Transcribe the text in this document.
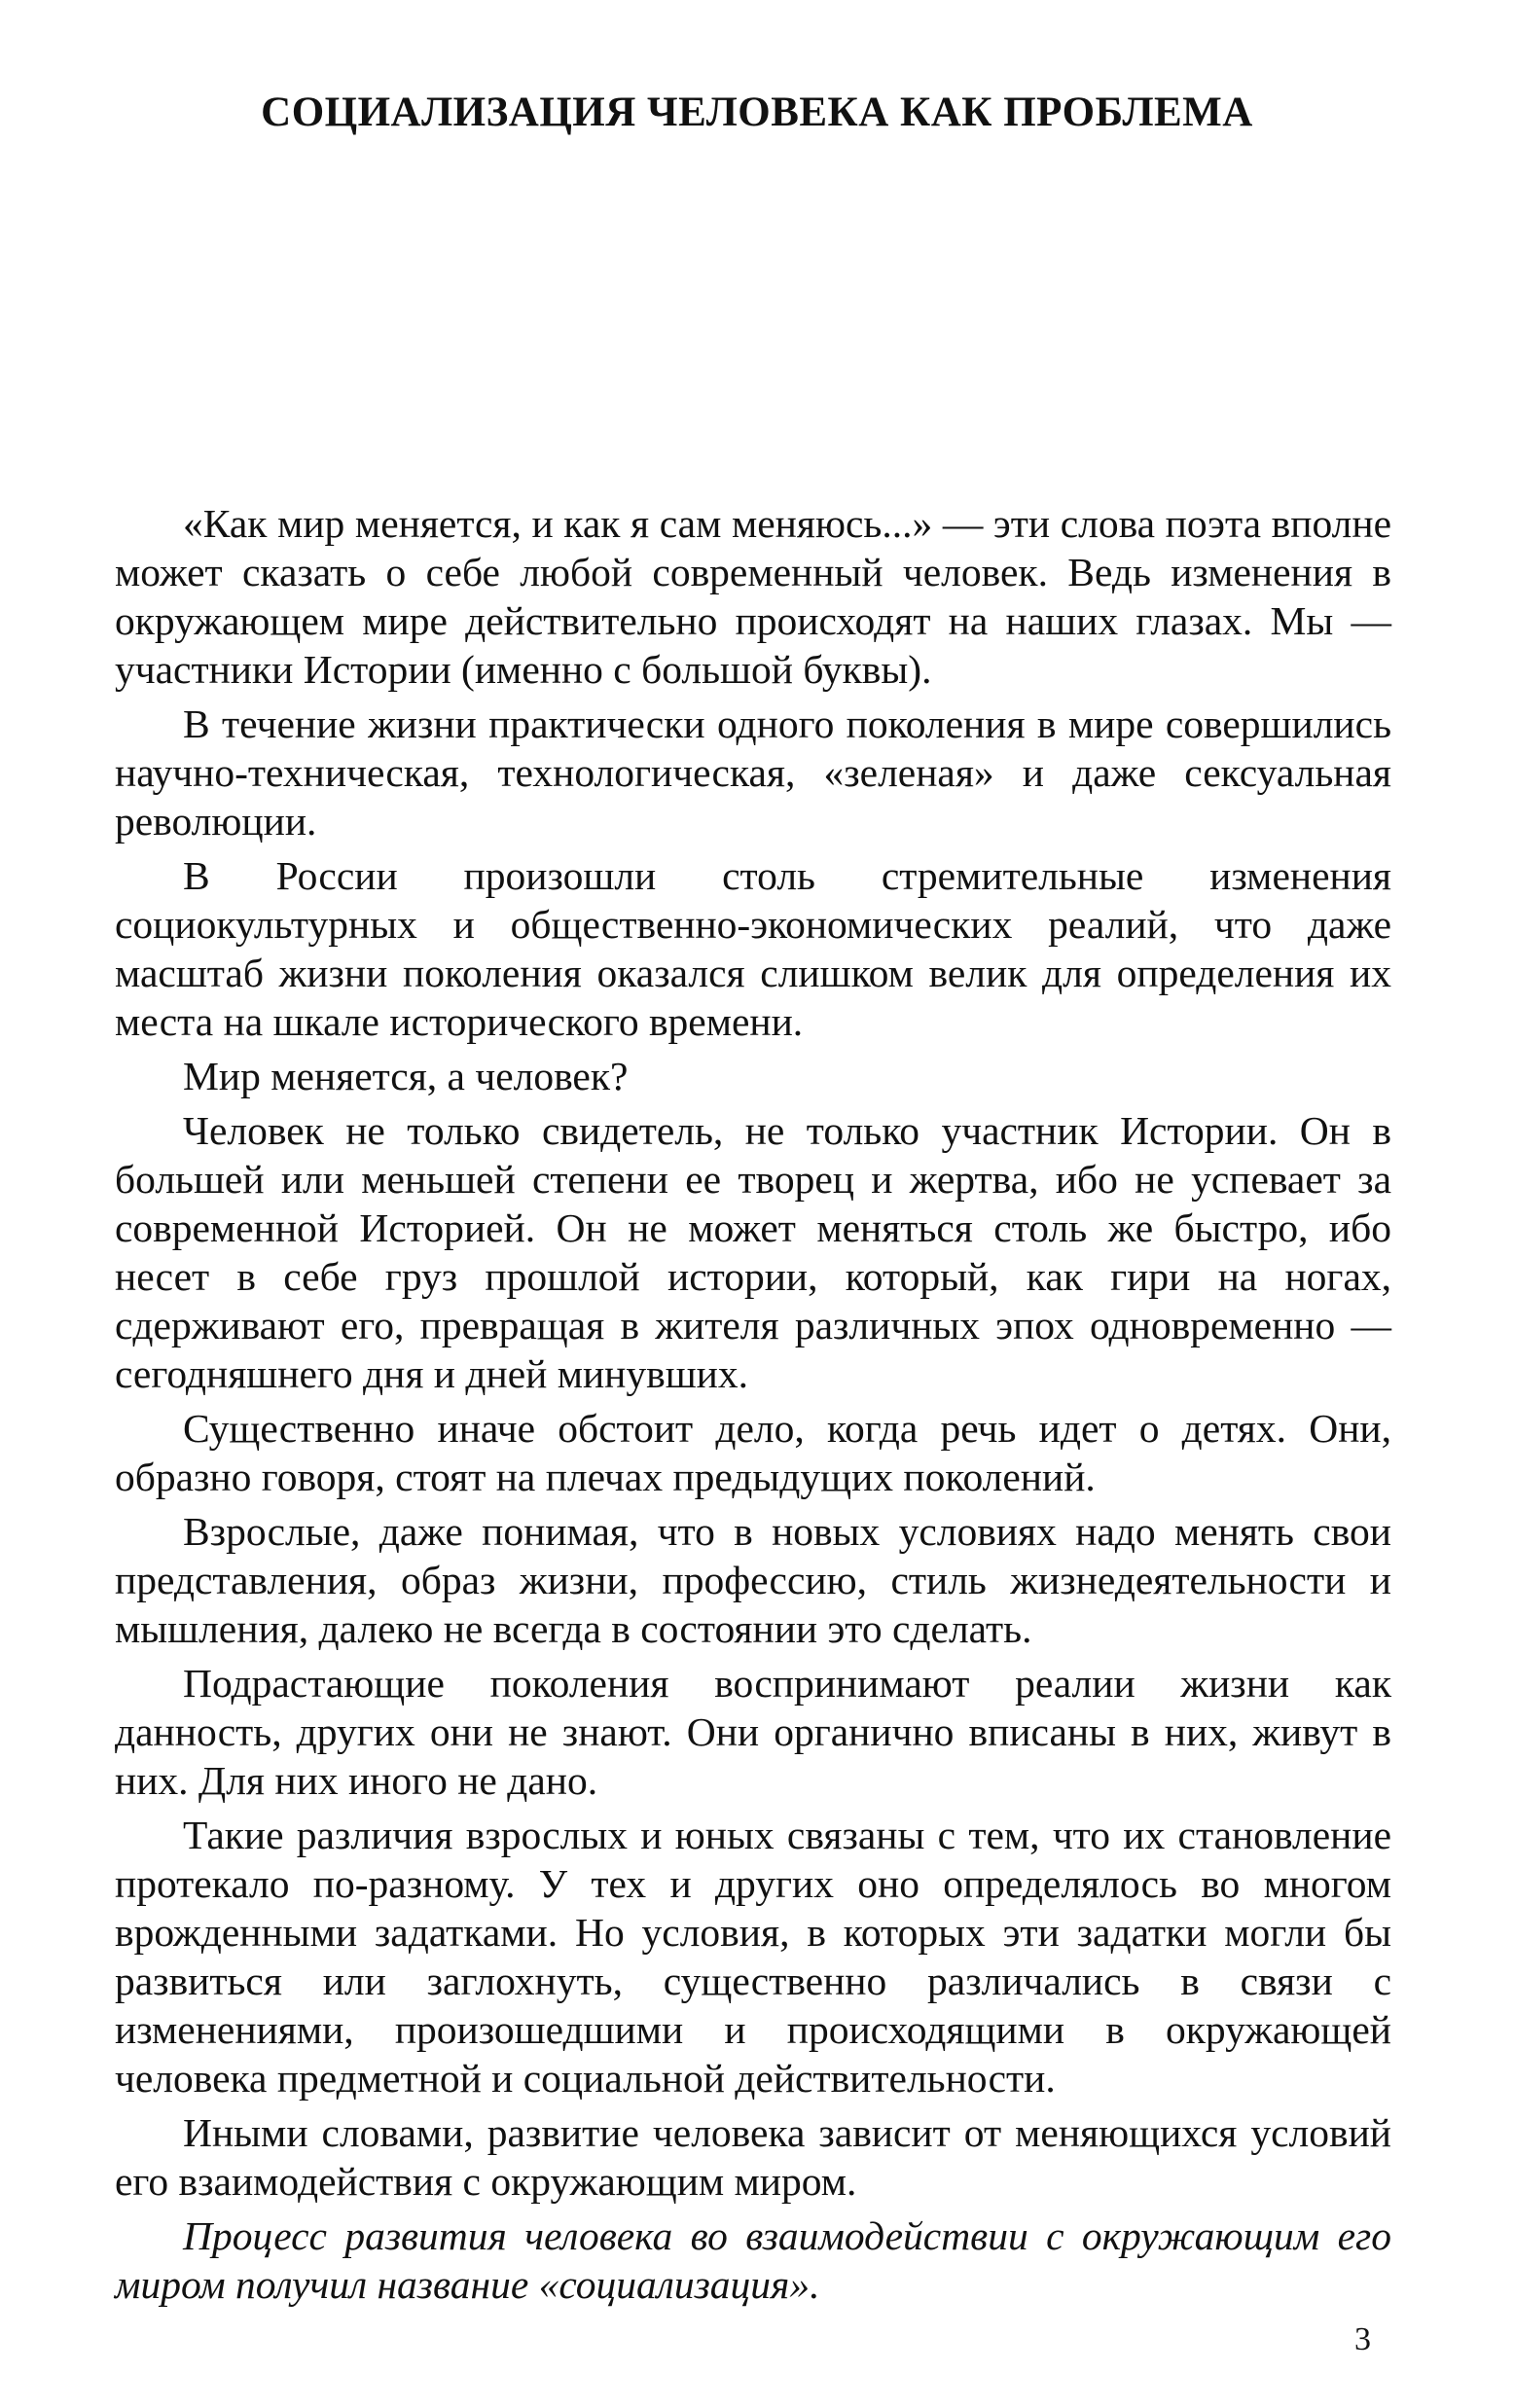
СОЦИАЛИЗАЦИЯ ЧЕЛОВЕКА КАК ПРОБЛЕМА

«Как мир меняется, и как я сам меняюсь...» — эти слова поэта вполне может сказать о себе любой современный человек. Ведь изменения в окружающем мире действительно происходят на наших глазах. Мы — участники Истории (именно с большой буквы).

В течение жизни практически одного поколения в мире совершились научно-техническая, технологическая, «зеленая» и даже сексуальная революции.

В России произошли столь стремительные изменения социокультурных и общественно-экономических реалий, что даже масштаб жизни поколения оказался слишком велик для определения их места на шкале исторического времени.

Мир меняется, а человек?

Человек не только свидетель, не только участник Истории. Он в большей или меньшей степени ее творец и жертва, ибо не успевает за современной Историей. Он не может меняться столь же быстро, ибо несет в себе груз прошлой истории, который, как гири на ногах, сдерживают его, превращая в жителя различных эпох одновременно — сегодняшнего дня и дней минувших.

Существенно иначе обстоит дело, когда речь идет о детях. Они, образно говоря, стоят на плечах предыдущих поколений.

Взрослые, даже понимая, что в новых условиях надо менять свои представления, образ жизни, профессию, стиль жизнедеятельности и мышления, далеко не всегда в состоянии это сделать.

Подрастающие поколения воспринимают реалии жизни как данность, других они не знают. Они органично вписаны в них, живут в них. Для них иного не дано.

Такие различия взрослых и юных связаны с тем, что их становление протекало по-разному. У тех и других оно определялось во многом врожденными задатками. Но условия, в которых эти задатки могли бы развиться или заглохнуть, существенно различались в связи с изменениями, произошедшими и происходящими в окружающей человека предметной и социальной действительности.

Иными словами, развитие человека зависит от меняющихся условий его взаимодействия с окружающим миром.

Процесс развития человека во взаимодействии с окружающим его миром получил название «социализация».

3
